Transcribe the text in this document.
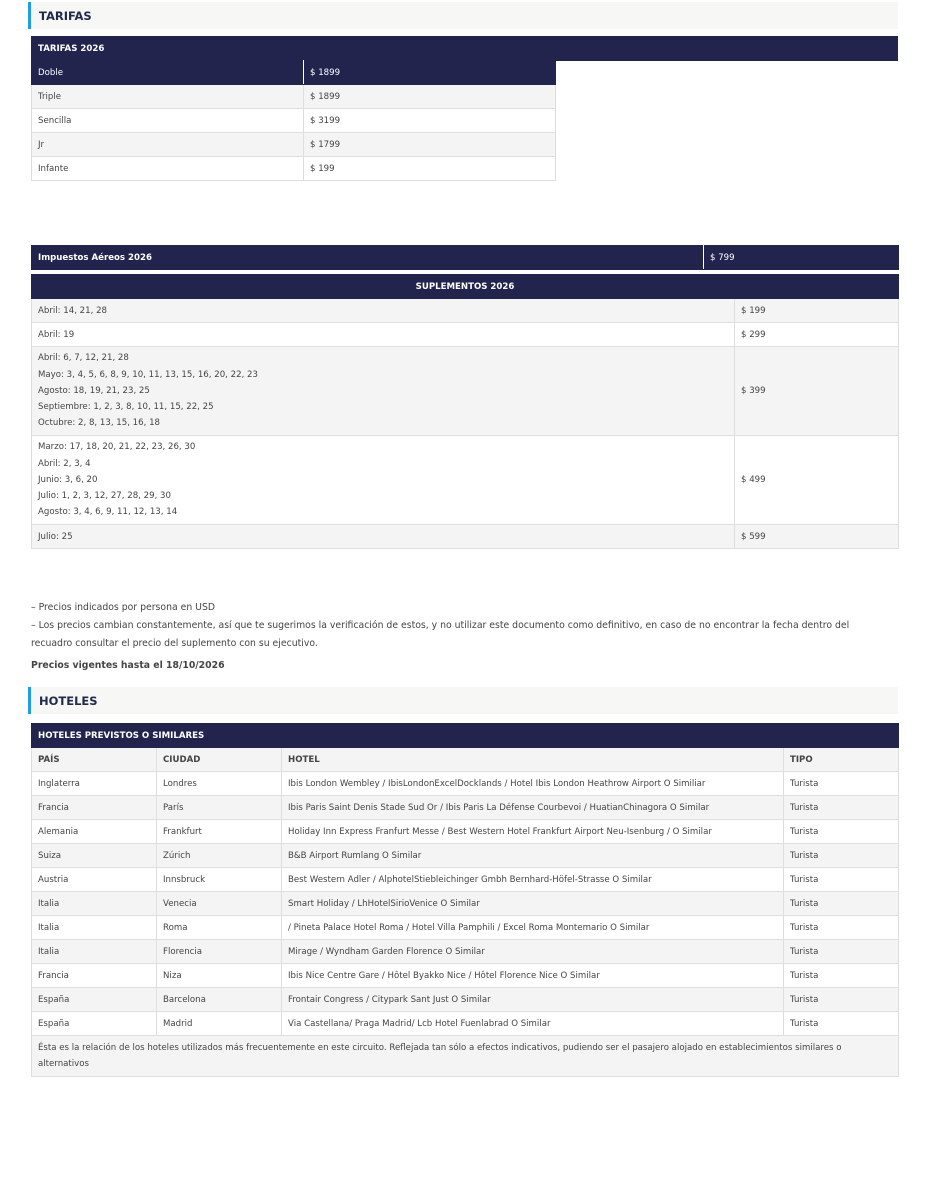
TARIFAS
TARIFAS 2026
Doble	$ 1899
Triple	$ 1899
Sencilla	$ 3199
Jr	$ 1799
Infante	$ 199
Impuestos Aéreos 2026	$ 799
SUPLEMENTOS 2026	
Abril: 14, 21, 28	$ 199
Abril: 19	$ 299

Abril: 6, 7, 12, 21, 28
Mayo: 3, 4, 5, 6, 8, 9, 10, 11, 13, 15, 16, 20, 22, 23
Agosto: 18, 19, 21, 23, 25
Septiembre: 1, 2, 3, 8, 10, 11, 15, 22, 25
Octubre: 2, 8, 13, 15, 16, 18	$ 399

Marzo: 17, 18, 20, 21, 22, 23, 26, 30
Abril: 2, 3, 4
Junio: 3, 6, 20
Julio: 1, 2, 3, 12, 27, 28, 29, 30
Agosto: 3, 4, 6, 9, 11, 12, 13, 14	$ 499
Julio: 25	$ 599
– Precios indicados por persona en USD
– Los precios cambian constantemente, así que te sugerimos la verificación de estos, y no utilizar este documento como definitivo, en caso de no encontrar la fecha dentro del recuadro consultar el precio del suplemento con su ejecutivo.
Precios vigentes hasta el 18/10/2026
HOTELES
HOTELES PREVISTOS O SIMILARES			
PAÍS	CIUDAD	HOTEL	TIPO
Inglaterra	Londres	Ibis London Wembley / IbisLondonExcelDocklands / Hotel Ibis London Heathrow Airport O Similiar	Turista
Francia	París	Ibis Paris Saint Denis Stade Sud Or / Ibis Paris La Défense Courbevoi / HuatianChinagora O Similar	Turista
Alemania	Frankfurt	Holiday Inn Express Franfurt Messe / Best Western Hotel Frankfurt Airport Neu-Isenburg / O Similar	Turista
Suiza	Zúrich	B&B Airport Rumlang O Similar	Turista
Austria	Innsbruck	Best Western Adler / AlphotelStiebleichinger Gmbh Bernhard-Höfel-Strasse O Similar	Turista
Italia	Venecia	Smart Holiday / LhHotelSirioVenice O Similar	Turista
Italia	Roma	/ Pineta Palace Hotel Roma / Hotel Villa Pamphili / Excel Roma Montemario O Similar	Turista
Italia	Florencia	Mirage / Wyndham Garden Florence O Similar	Turista
Francia	Niza	Ibis Nice Centre Gare / Hôtel Byakko Nice / Hôtel Florence Nice O Similar	Turista
España	Barcelona	Frontair Congress / Citypark Sant Just O Similar	Turista
España	Madrid	Via Castellana/ Praga Madrid/ Lcb Hotel Fuenlabrad O Similar	Turista
Ésta es la relación de los hoteles utilizados más frecuentemente en este circuito. Reflejada tan sólo a efectos indicativos, pudiendo ser el pasajero alojado en establecimientos similares o alternativos			
